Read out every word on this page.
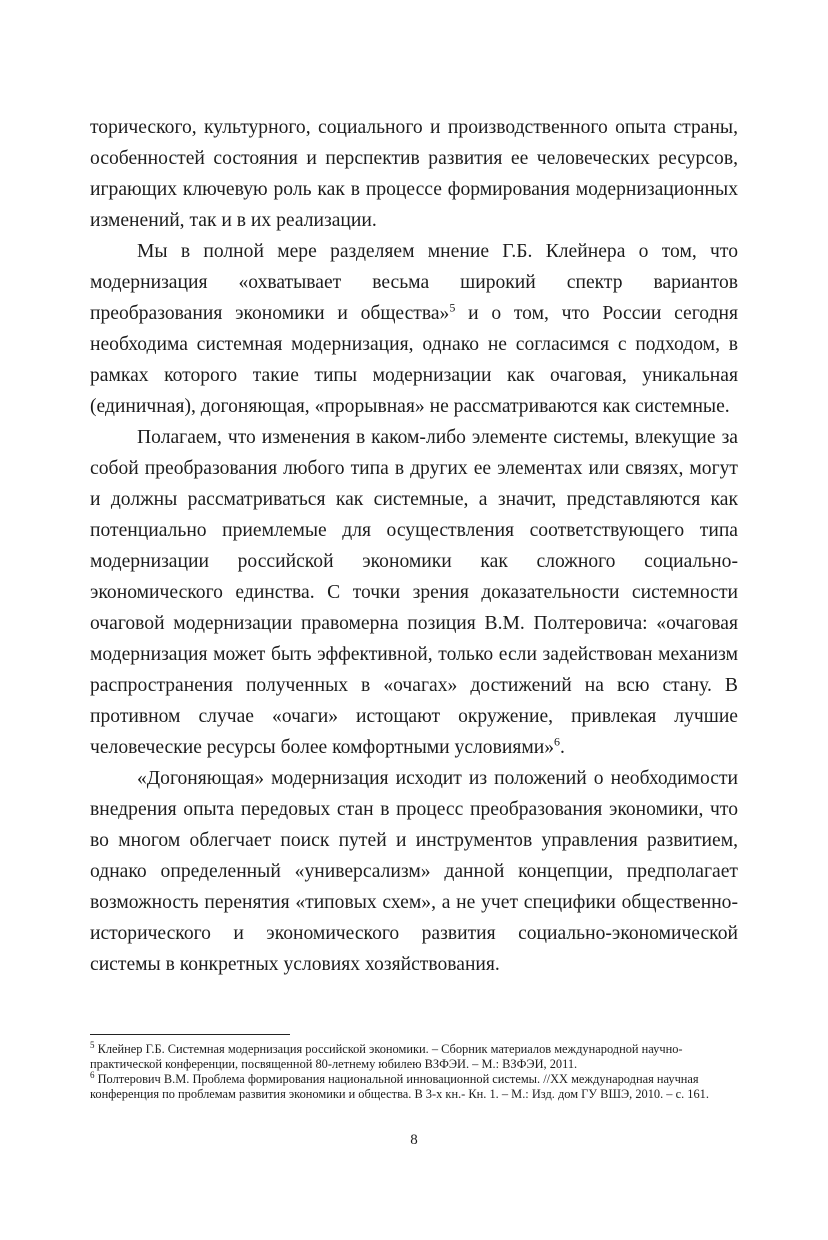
торического, культурного, социального и производственного опыта страны, особенностей состояния и перспектив развития ее человеческих ресурсов, играющих ключевую роль как в процессе формирования модернизационных изменений, так и в их реализации.

Мы в полной мере разделяем мнение Г.Б. Клейнера о том, что модернизация «охватывает весьма широкий спектр вариантов преобразования экономики и общества»$^5$ и о том, что России сегодня необходима системная модернизация, однако не согласимся с подходом, в рамках которого такие типы модернизации как очаговая, уникальная (единичная), догоняющая, «прорывная» не рассматриваются как системные.

Полагаем, что изменения в каком-либо элементе системы, влекущие за собой преобразования любого типа в других ее элементах или связях, могут и должны рассматриваться как системные, а значит, представляются как потенциально приемлемые для осуществления соответствующего типа модернизации российской экономики как сложного социально-экономического единства. С точки зрения доказательности системности очаговой модернизации правомерна позиция В.М. Полтеровича: «очаговая модернизация может быть эффективной, только если задействован механизм распространения полученных в «очагах» достижений на всю стану. В противном случае «очаги» истощают окружение, привлекая лучшие человеческие ресурсы более комфортными условиями»$^6$.

«Догоняющая» модернизация исходит из положений о необходимости внедрения опыта передовых стан в процесс преобразования экономики, что во многом облегчает поиск путей и инструментов управления развитием, однако определенный «универсализм» данной концепции, предполагает возможность перенятия «типовых схем», а не учет специфики общественно-исторического и экономического развития социально-экономической системы в конкретных условиях хозяйствования.

$^5$ Клейнер Г.Б. Системная модернизация российской экономики. – Сборник материалов международной научно-практической конференции, посвященной 80-летнему юбилею ВЗФЭИ. – М.: ВЗФЭИ, 2011.

$^6$ Полтерович В.М. Проблема формирования национальной инновационной системы. //XX международная научная конференция по проблемам развития экономики и общества. В 3-х кн.- Кн. 1. – М.: Изд. дом ГУ ВШЭ, 2010. – с. 161.

8
